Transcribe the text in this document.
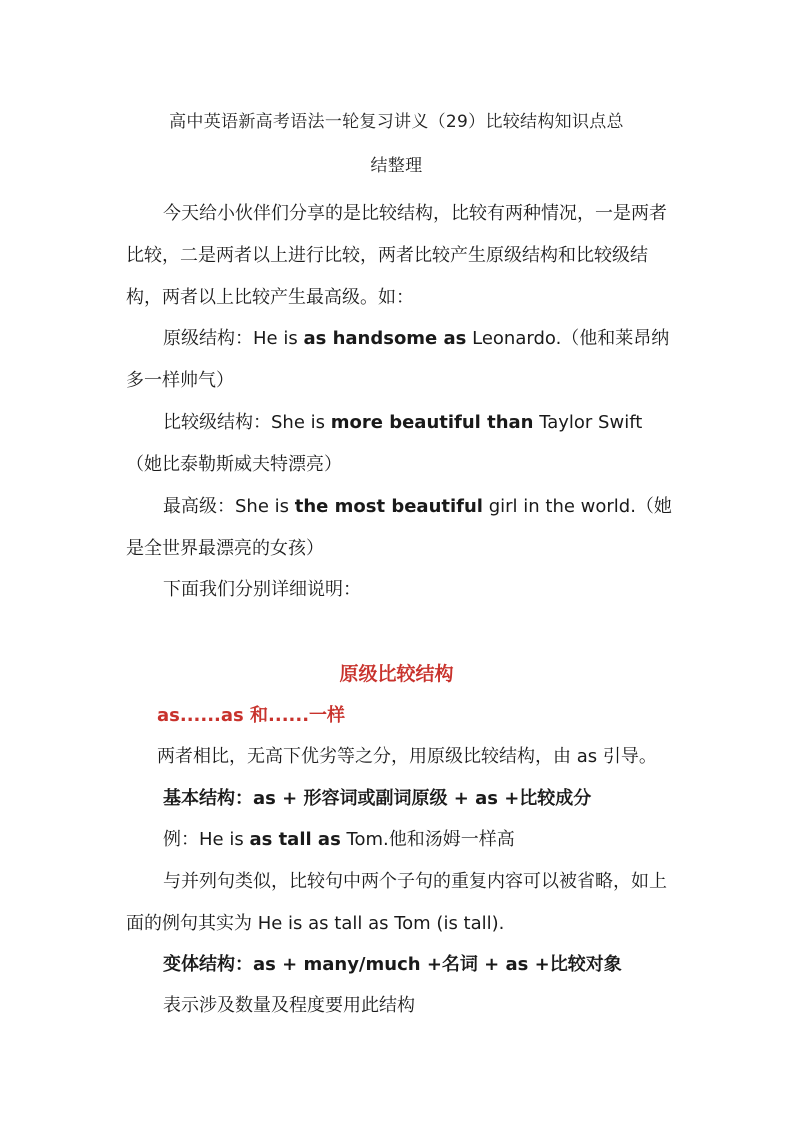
高中英语新高考语法一轮复习讲义（29）比较结构知识点总
结整理
今天给小伙伴们分享的是比较结构，比较有两种情况，一是两者比较，二是两者以上进行比较，两者比较产生原级结构和比较级结构，两者以上比较产生最高级。如：
原级结构：He is as handsome as Leonardo.（他和莱昂纳多一样帅气）
比较级结构：She is more beautiful than Taylor Swift（她比泰勒斯威夫特漂亮）
最高级：She is the most beautiful girl in the world.（她是全世界最漂亮的女孩）
下面我们分别详细说明：
原级比较结构
as......as 和......一样
两者相比，无高下优劣等之分，用原级比较结构，由 as 引导。
基本结构：as + 形容词或副词原级 + as +比较成分
例：He is as tall as Tom.他和汤姆一样高
与并列句类似，比较句中两个子句的重复内容可以被省略，如上面的例句其实为 He is as tall as Tom (is tall).
变体结构：as + many/much +名词 + as +比较对象
表示涉及数量及程度要用此结构
